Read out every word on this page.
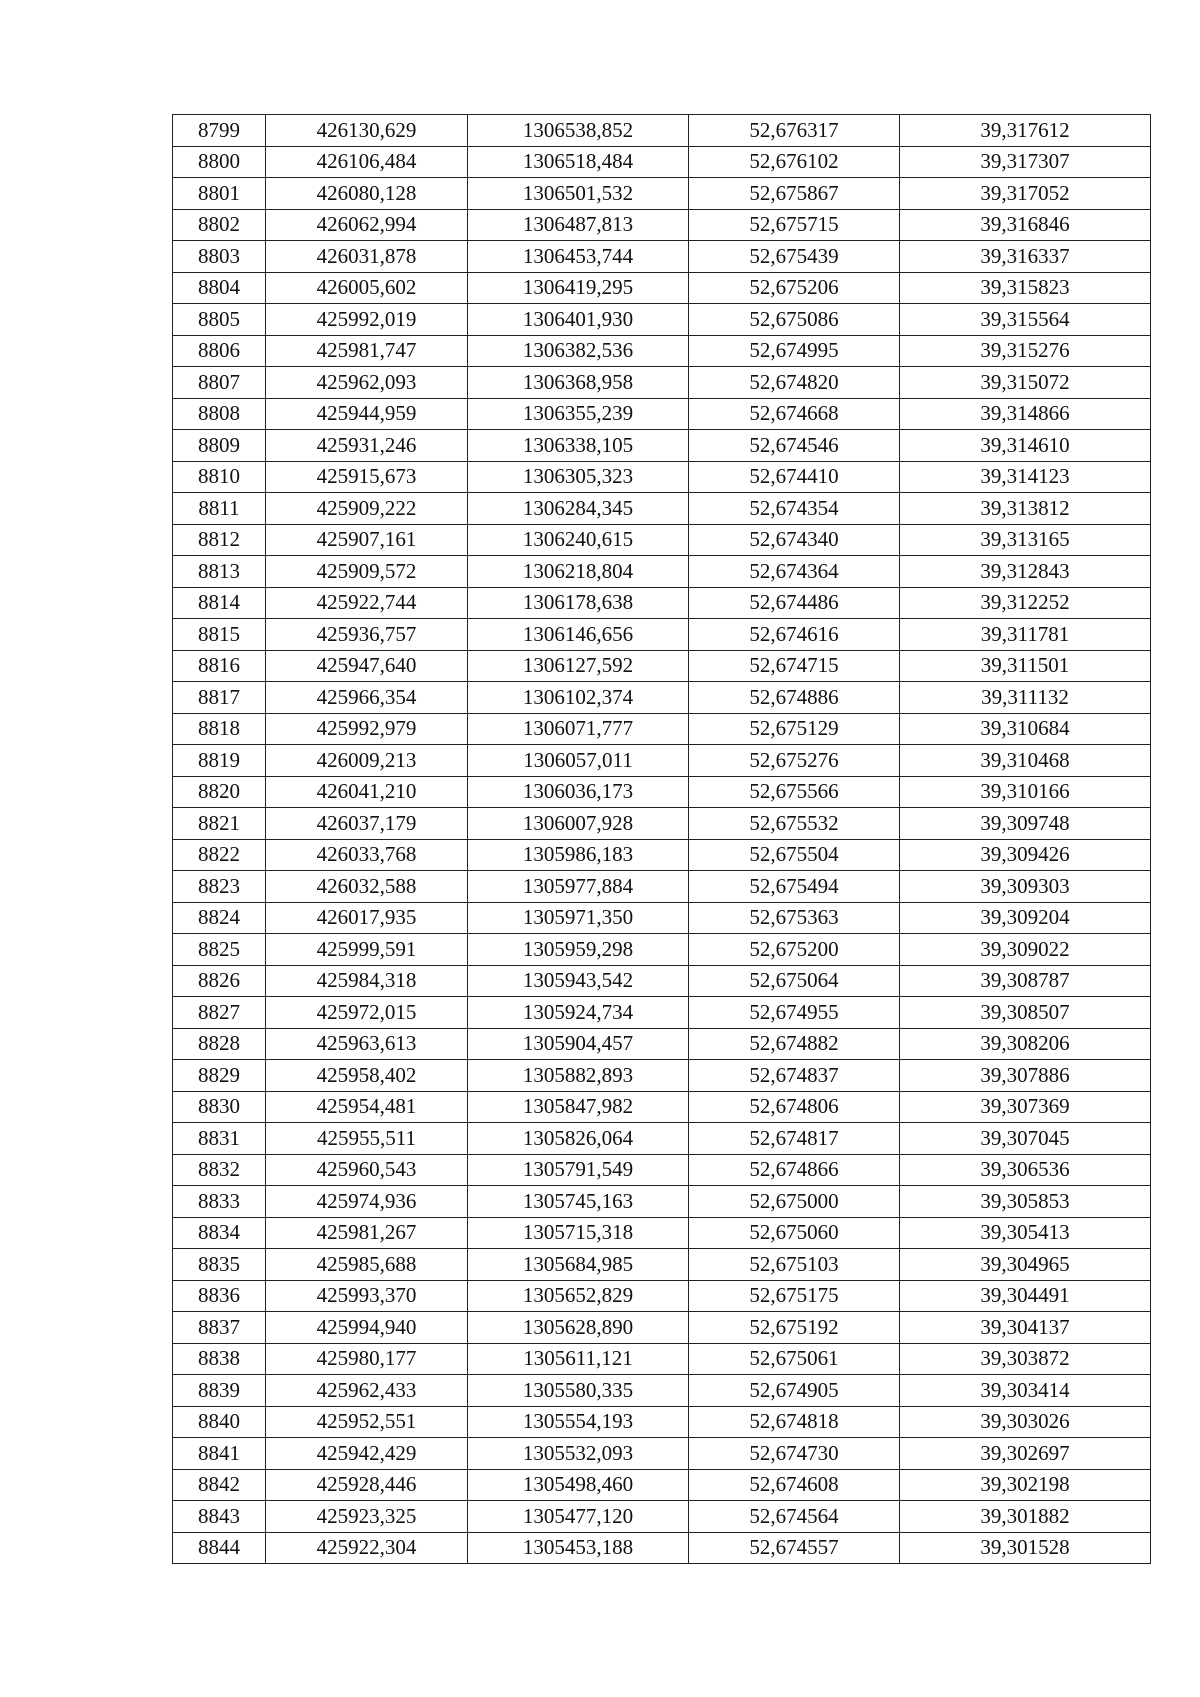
8799	426130,629	1306538,852	52,676317	39,317612
8800	426106,484	1306518,484	52,676102	39,317307
8801	426080,128	1306501,532	52,675867	39,317052
8802	426062,994	1306487,813	52,675715	39,316846
8803	426031,878	1306453,744	52,675439	39,316337
8804	426005,602	1306419,295	52,675206	39,315823
8805	425992,019	1306401,930	52,675086	39,315564
8806	425981,747	1306382,536	52,674995	39,315276
8807	425962,093	1306368,958	52,674820	39,315072
8808	425944,959	1306355,239	52,674668	39,314866
8809	425931,246	1306338,105	52,674546	39,314610
8810	425915,673	1306305,323	52,674410	39,314123
8811	425909,222	1306284,345	52,674354	39,313812
8812	425907,161	1306240,615	52,674340	39,313165
8813	425909,572	1306218,804	52,674364	39,312843
8814	425922,744	1306178,638	52,674486	39,312252
8815	425936,757	1306146,656	52,674616	39,311781
8816	425947,640	1306127,592	52,674715	39,311501
8817	425966,354	1306102,374	52,674886	39,311132
8818	425992,979	1306071,777	52,675129	39,310684
8819	426009,213	1306057,011	52,675276	39,310468
8820	426041,210	1306036,173	52,675566	39,310166
8821	426037,179	1306007,928	52,675532	39,309748
8822	426033,768	1305986,183	52,675504	39,309426
8823	426032,588	1305977,884	52,675494	39,309303
8824	426017,935	1305971,350	52,675363	39,309204
8825	425999,591	1305959,298	52,675200	39,309022
8826	425984,318	1305943,542	52,675064	39,308787
8827	425972,015	1305924,734	52,674955	39,308507
8828	425963,613	1305904,457	52,674882	39,308206
8829	425958,402	1305882,893	52,674837	39,307886
8830	425954,481	1305847,982	52,674806	39,307369
8831	425955,511	1305826,064	52,674817	39,307045
8832	425960,543	1305791,549	52,674866	39,306536
8833	425974,936	1305745,163	52,675000	39,305853
8834	425981,267	1305715,318	52,675060	39,305413
8835	425985,688	1305684,985	52,675103	39,304965
8836	425993,370	1305652,829	52,675175	39,304491
8837	425994,940	1305628,890	52,675192	39,304137
8838	425980,177	1305611,121	52,675061	39,303872
8839	425962,433	1305580,335	52,674905	39,303414
8840	425952,551	1305554,193	52,674818	39,303026
8841	425942,429	1305532,093	52,674730	39,302697
8842	425928,446	1305498,460	52,674608	39,302198
8843	425923,325	1305477,120	52,674564	39,301882
8844	425922,304	1305453,188	52,674557	39,301528
